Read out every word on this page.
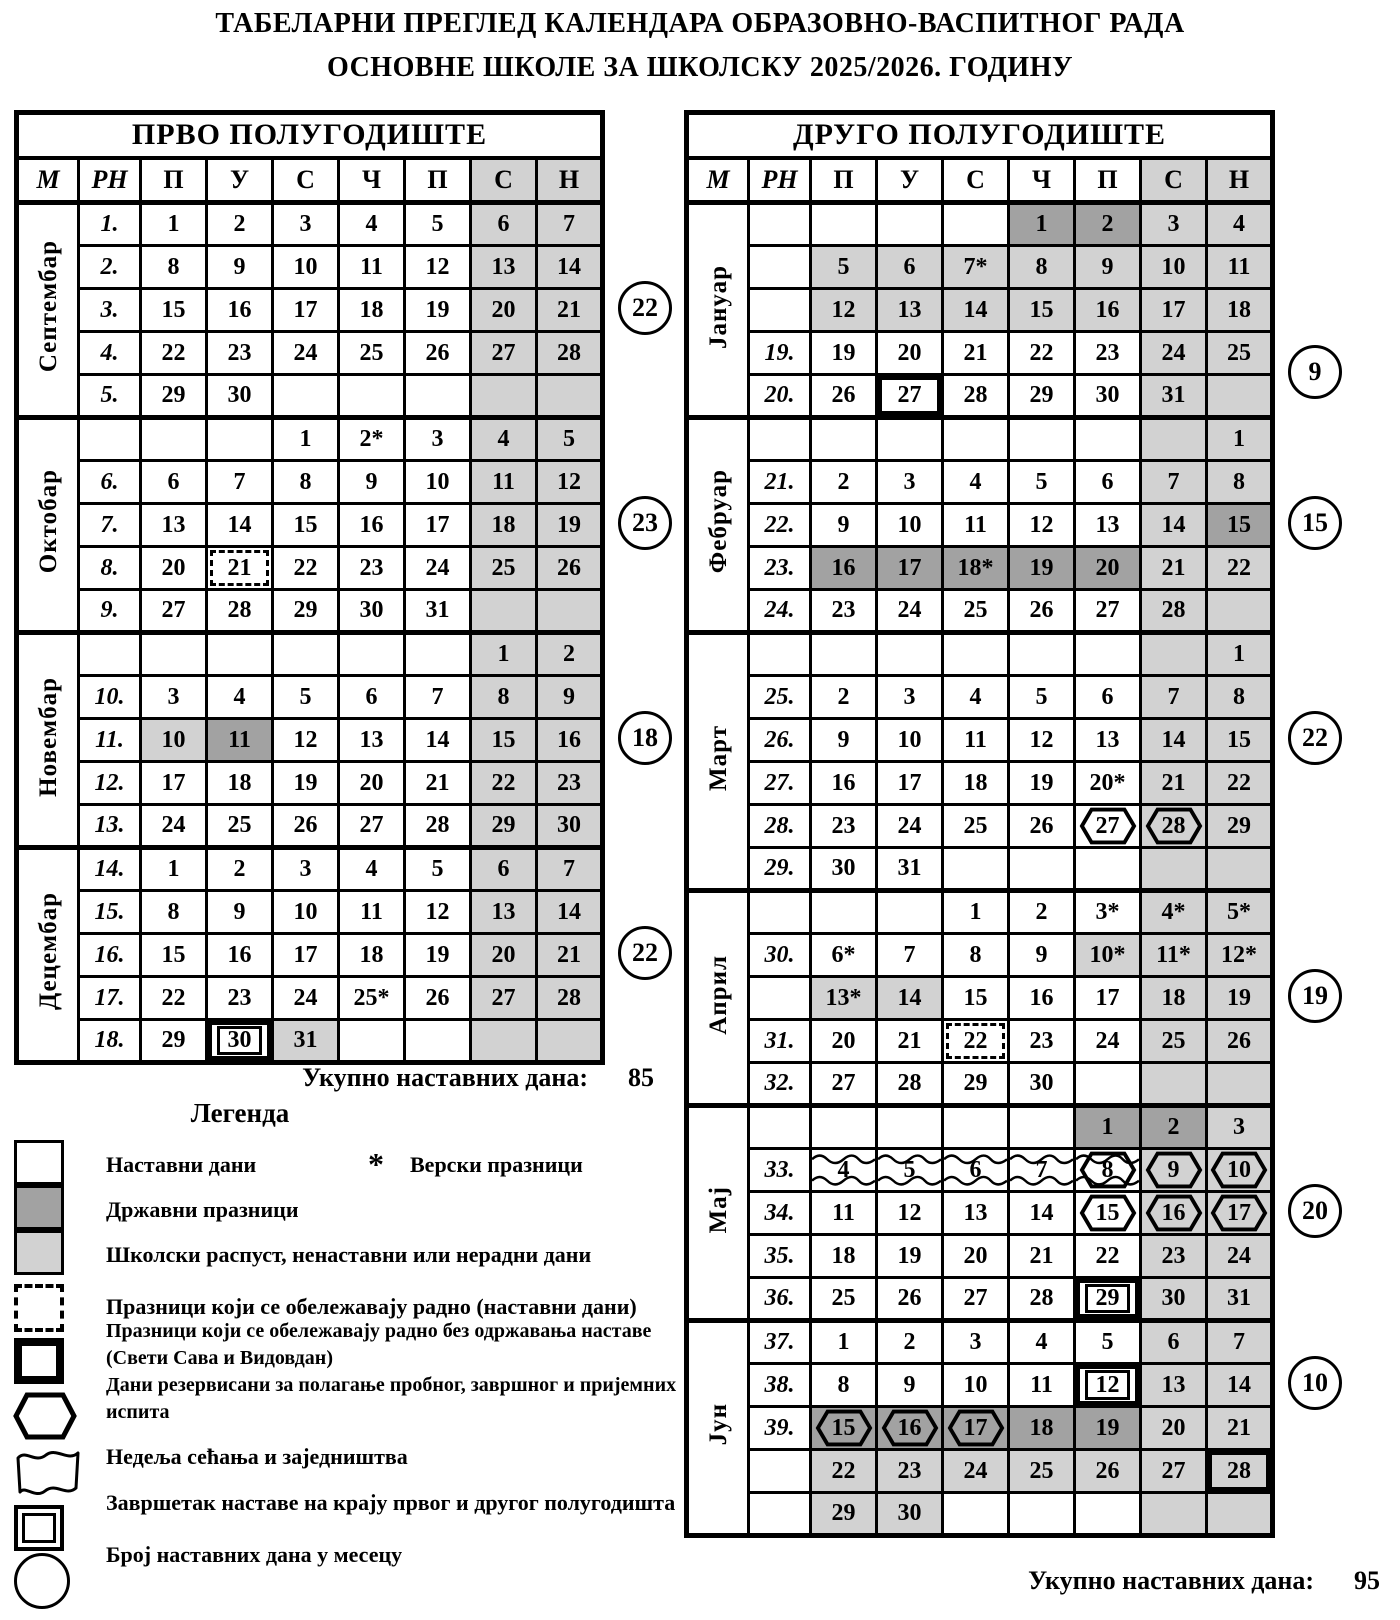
ТАБЕЛАРНИ ПРЕГЛЕД КАЛЕНДАРА ОБРАЗОВНО-ВАСПИТНОГ РАДА
ОСНОВНЕ ШКОЛЕ ЗА ШКОЛСКУ 2025/2026. ГОДИНУ
ПРВО ПОЛУГОДИШТЕ								
М	РН	П	У	С	Ч	П	С	Н
Септембар	1.	1	2	3	4	5	6	7
	2.	8	9	10	11	12	13	14
	3.	15	16	17	18	19	20	21
	4.	22	23	24	25	26	27	28
	5.	29	30					
Октобар				1	2*	3	4	5
	6.	6	7	8	9	10	11	12
	7.	13	14	15	16	17	18	19
	8.	20	21	22	23	24	25	26
	9.	27	28	29	30	31		
Новембар							1	2
	10.	3	4	5	6	7	8	9
	11.	10	11	12	13	14	15	16
	12.	17	18	19	20	21	22	23
	13.	24	25	26	27	28	29	30
Децембар	14.	1	2	3	4	5	6	7
	15.	8	9	10	11	12	13	14
	16.	15	16	17	18	19	20	21
	17.	22	23	24	25*	26	27	28
	18.	29	30	31				
22
23
18
22
ДРУГО ПОЛУГОДИШТЕ								
М	РН	П	У	С	Ч	П	С	Н
Јануар					1	2	3	4
		5	6	7*	8	9	10	11
		12	13	14	15	16	17	18
	19.	19	20	21	22	23	24	25
	20.	26	27	28	29	30	31	
Фебруар								1
	21.	2	3	4	5	6	7	8
	22.	9	10	11	12	13	14	15
	23.	16	17	18*	19	20	21	22
	24.	23	24	25	26	27	28	
Март								1
	25.	2	3	4	5	6	7	8
	26.	9	10	11	12	13	14	15
	27.	16	17	18	19	20*	21	22
	28.	23	24	25	26	27	28	29
	29.	30	31					
Април				1	2	3*	4*	5*
	30.	6*	7	8	9	10*	11*	12*
		13*	14	15	16	17	18	19
	31.	20	21	22	23	24	25	26
	32.	27	28	29	30			
Мај						1	2	3
	33.	4	5	6	7	8	9	10
	34.	11	12	13	14	15	16	17
	35.	18	19	20	21	22	23	24
	36.	25	26	27	28	29	30	31
Јун	37.	1	2	3	4	5	6	7
	38.	8	9	10	11	12	13	14
	39.	15	16	17	18	19	20	21
		22	23	24	25	26	27	28
		29	30					
9
15
22
19
20
10
Укупно наставних дана: 85
Укупно наставних дана: 95
Легенда
Наставни дани	* Верски празници
Државни празници
Школски распуст, ненаставни или нерадни дани
Празници који се обележавају радно (наставни дани)
Празници који се обележавају радно без одржавања наставе
(Свети Сава и Видовдан)
Дани резервисани за полагање пробног, завршног и пријемних
испита
Недеља сећања и заједништва
Завршетак наставе на крају првог и другог полугодишта
Број наставних дана у месецу
